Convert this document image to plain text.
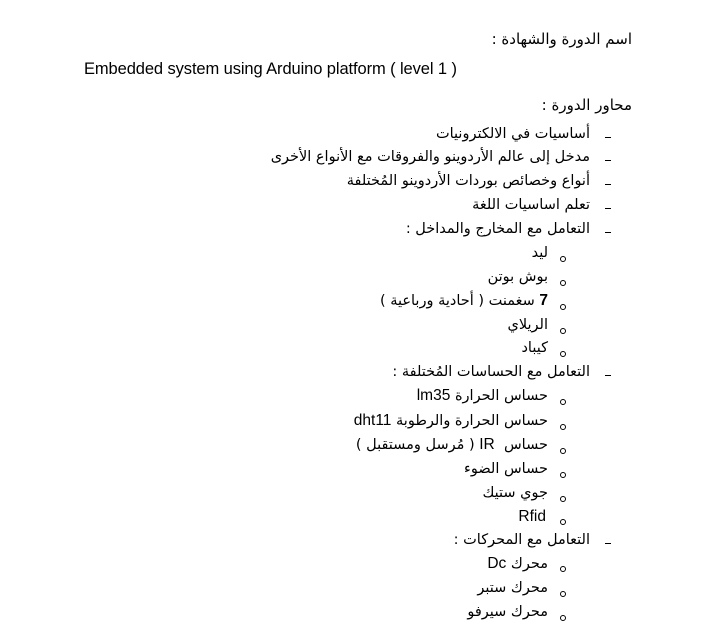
اسم الدورة والشهادة :
Embedded system using Arduino platform ( level 1 )
محاور الدورة :
أساسيات في الالكترونيات
مدخل إلى عالم الأردوينو والفروقات مع الأنواع الأخرى
أنواع وخصائص بوردات الأردوينو المُختلفة
تعلم اساسيات اللغة
التعامل مع المخارج والمداخل :
ليد
بوش بوتن
7 سغمنت ( أحادية ورباعية )
الريلاي
كيباد
التعامل مع الحساسات المُختلفة :
حساس الحرارة lm35
حساس الحرارة والرطوبة dht11
حساس  IR ( مُرسل ومستقبل )
حساس الضوء
جوي ستيك
Rfid
التعامل مع المحركات :
محرك Dc
محرك ستبر
محرك سيرفو
